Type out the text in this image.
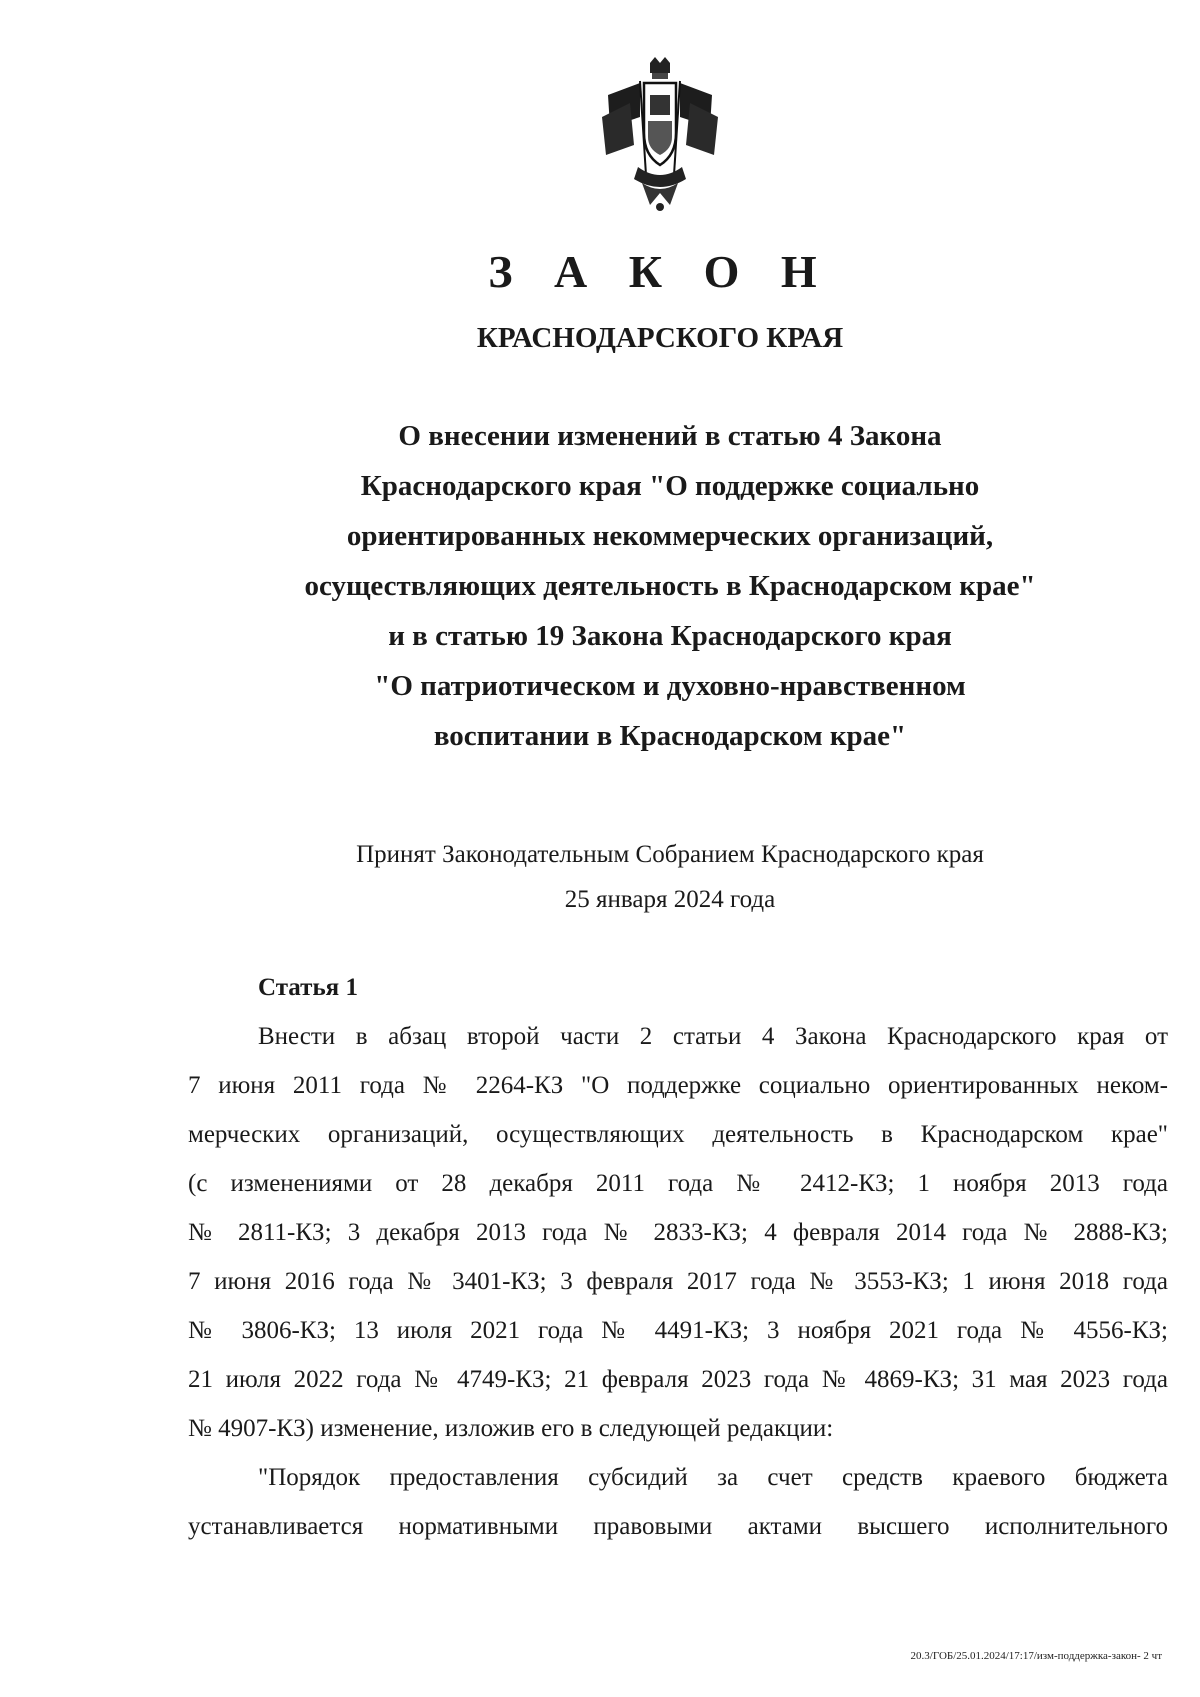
З А К О Н
КРАСНОДАРСКОГО КРАЯ
О внесении изменений в статью 4 Закона
Краснодарского края "О поддержке социально
ориентированных некоммерческих организаций,
осуществляющих деятельность в Краснодарском крае"
и в статью 19 Закона Краснодарского края
"О патриотическом и духовно-нравственном
воспитании в Краснодарском крае"
Принят Законодательным Собранием Краснодарского края
25 января 2024 года
Статья 1
Внести в абзац второй части 2 статьи 4 Закона Краснодарского края от
7 июня 2011 года № 2264-КЗ "О поддержке социально ориентированных неком-
мерческих организаций, осуществляющих деятельность в Краснодарском крае"
(с изменениями от 28 декабря 2011 года № 2412-КЗ; 1 ноября 2013 года
№ 2811-КЗ; 3 декабря 2013 года № 2833-КЗ; 4 февраля 2014 года № 2888-КЗ;
7 июня 2016 года № 3401-КЗ; 3 февраля 2017 года № 3553-КЗ; 1 июня 2018 года
№ 3806-КЗ; 13 июля 2021 года № 4491-КЗ; 3 ноября 2021 года № 4556-КЗ;
21 июля 2022 года № 4749-КЗ; 21 февраля 2023 года № 4869-КЗ; 31 мая 2023 года
№ 4907-КЗ) изменение, изложив его в следующей редакции:
"Порядок предоставления субсидий за счет средств краевого бюджета
устанавливается нормативными правовыми актами высшего исполнительного
20.3/ГОБ/25.01.2024/17:17/изм-поддержка-закон- 2 чт
